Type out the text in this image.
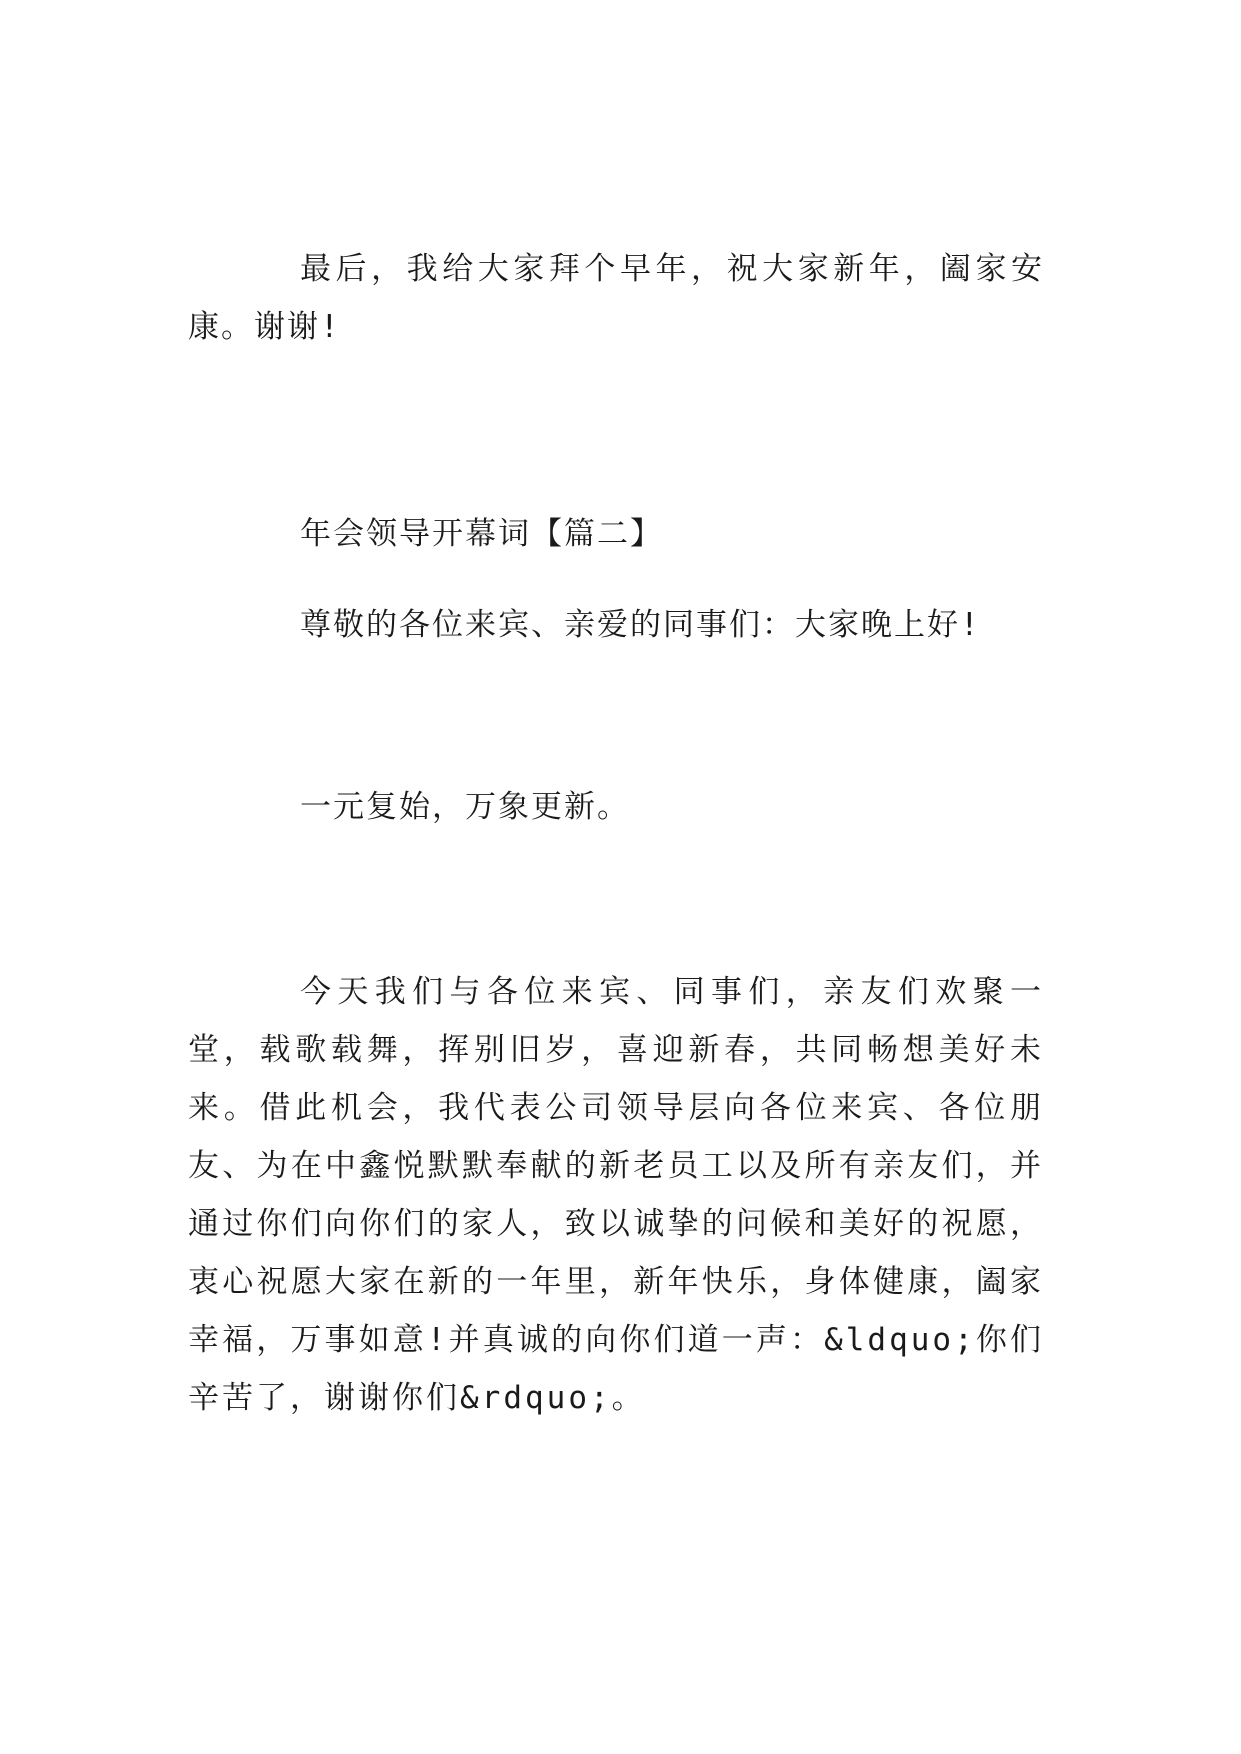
最后，我给大家拜个早年，祝大家新年，阖家安康。谢谢!

年会领导开幕词【篇二】

尊敬的各位来宾、亲爱的同事们：大家晚上好!

一元复始，万象更新。

今天我们与各位来宾、同事们，亲友们欢聚一堂，载歌载舞，挥别旧岁，喜迎新春，共同畅想美好未来。借此机会，我代表公司领导层向各位来宾、各位朋友、为在中鑫悦默默奉献的新老员工以及所有亲友们，并通过你们向你们的家人，致以诚挚的问候和美好的祝愿，衷心祝愿大家在新的一年里，新年快乐，身体健康，阖家幸福，万事如意!并真诚的向你们道一声：&ldquo;你们辛苦了，谢谢你们&rdquo;。
